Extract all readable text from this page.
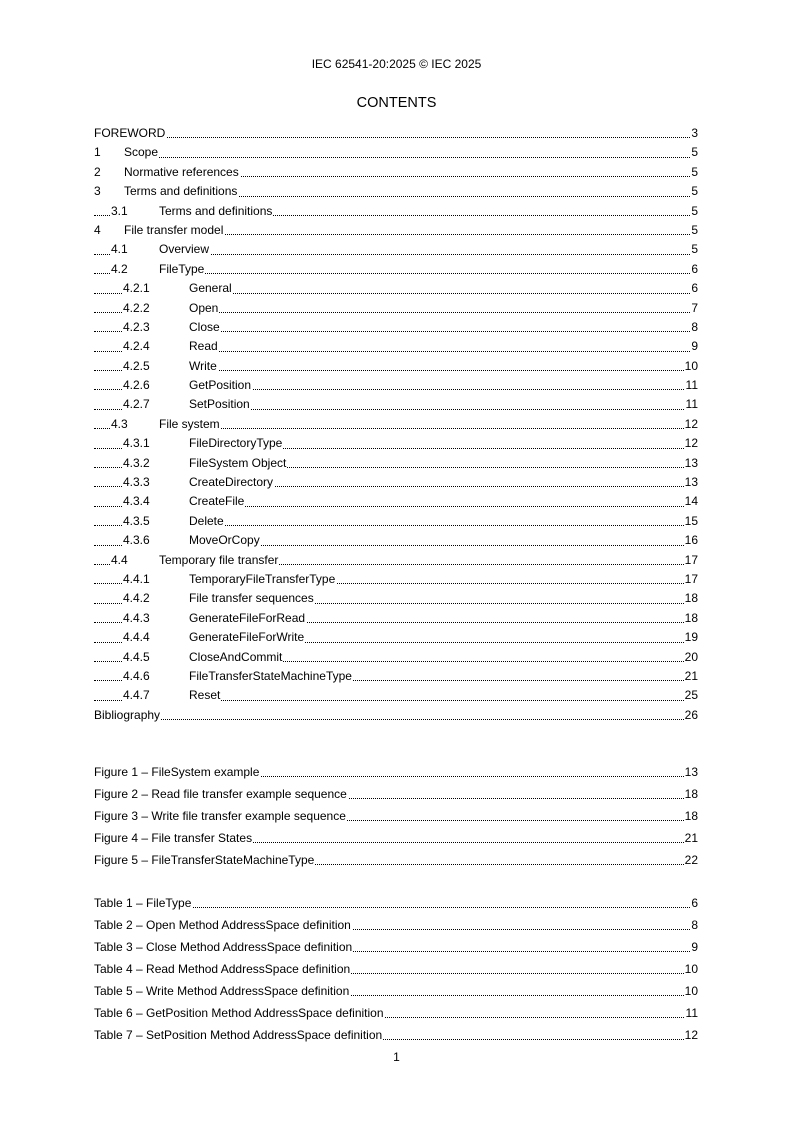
IEC 62541-20:2025 © IEC 2025
CONTENTS
FOREWORD	3
1 Scope	5
2 Normative references	5
3 Terms and definitions	5
3.1	Terms and definitions	5
4 File transfer model	5
4.1	Overview	5
4.2	FileType	6
4.2.1	General	6
4.2.2	Open	7
4.2.3	Close	8
4.2.4	Read	9
4.2.5	Write	10
4.2.6	GetPosition	11
4.2.7	SetPosition	11
4.3	File system	12
4.3.1	FileDirectoryType	12
4.3.2	FileSystem Object	13
4.3.3	CreateDirectory	13
4.3.4	CreateFile	14
4.3.5	Delete	15
4.3.6	MoveOrCopy	16
4.4	Temporary file transfer	17
4.4.1	TemporaryFileTransferType	17
4.4.2	File transfer sequences	18
4.4.3	GenerateFileForRead	18
4.4.4	GenerateFileForWrite	19
4.4.5	CloseAndCommit	20
4.4.6	FileTransferStateMachineType	21
4.4.7	Reset	25
Bibliography	26
Figure 1 – FileSystem example	13
Figure 2 – Read file transfer example sequence	18
Figure 3 – Write file transfer example sequence	18
Figure 4 – File transfer States	21
Figure 5 – FileTransferStateMachineType	22
Table 1 – FileType	6
Table 2 – Open Method AddressSpace definition	8
Table 3 – Close Method AddressSpace definition	9
Table 4 – Read Method AddressSpace definition	10
Table 5 – Write Method AddressSpace definition	10
Table 6 – GetPosition Method AddressSpace definition	11
Table 7 – SetPosition Method AddressSpace definition	12
1
